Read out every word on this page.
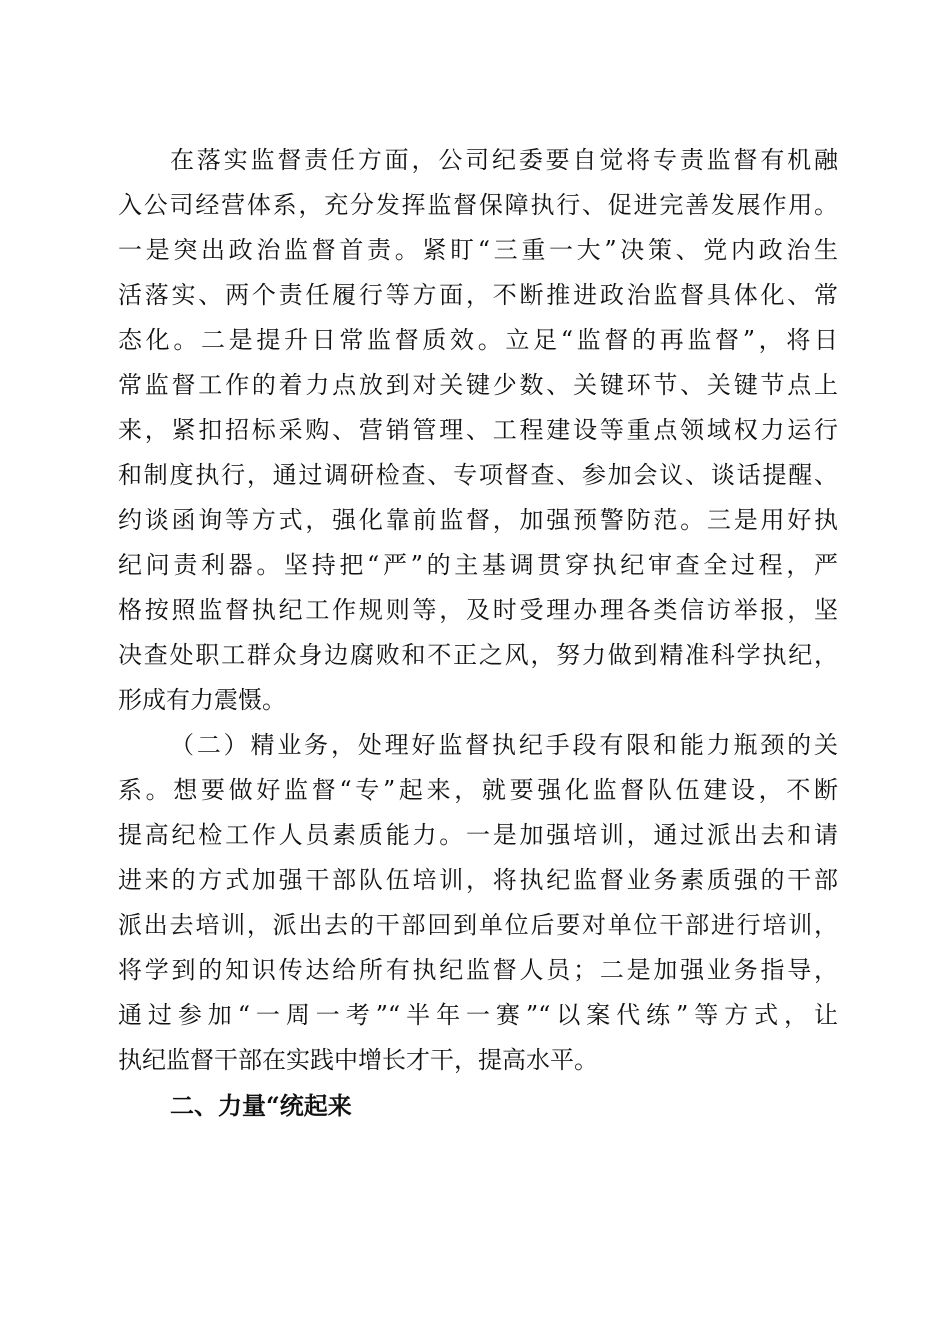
在落实监督责任方面，公司纪委要自觉将专责监督有机融
入公司经营体系，充分发挥监督保障执行、促进完善发展作用。
一是突出政治监督首责。紧盯“三重一大”决策、党内政治生
活落实、两个责任履行等方面，不断推进政治监督具体化、常
态化。二是提升日常监督质效。立足“监督的再监督”，将日
常监督工作的着力点放到对关键少数、关键环节、关键节点上
来，紧扣招标采购、营销管理、工程建设等重点领域权力运行
和制度执行，通过调研检查、专项督查、参加会议、谈话提醒、
约谈函询等方式，强化靠前监督，加强预警防范。三是用好执
纪问责利器。坚持把“严”的主基调贯穿执纪审查全过程，严
格按照监督执纪工作规则等，及时受理办理各类信访举报，坚
决查处职工群众身边腐败和不正之风，努力做到精准科学执纪，
形成有力震慑。
（二）精业务，处理好监督执纪手段有限和能力瓶颈的关
系。想要做好监督“专”起来，就要强化监督队伍建设，不断
提高纪检工作人员素质能力。一是加强培训，通过派出去和请
进来的方式加强干部队伍培训，将执纪监督业务素质强的干部
派出去培训，派出去的干部回到单位后要对单位干部进行培训，
将学到的知识传达给所有执纪监督人员；二是加强业务指导，
通过参加“一周一考”“半年一赛”“以案代练”等方式，让
执纪监督干部在实践中增长才干，提高水平。
二、力量“统起来
